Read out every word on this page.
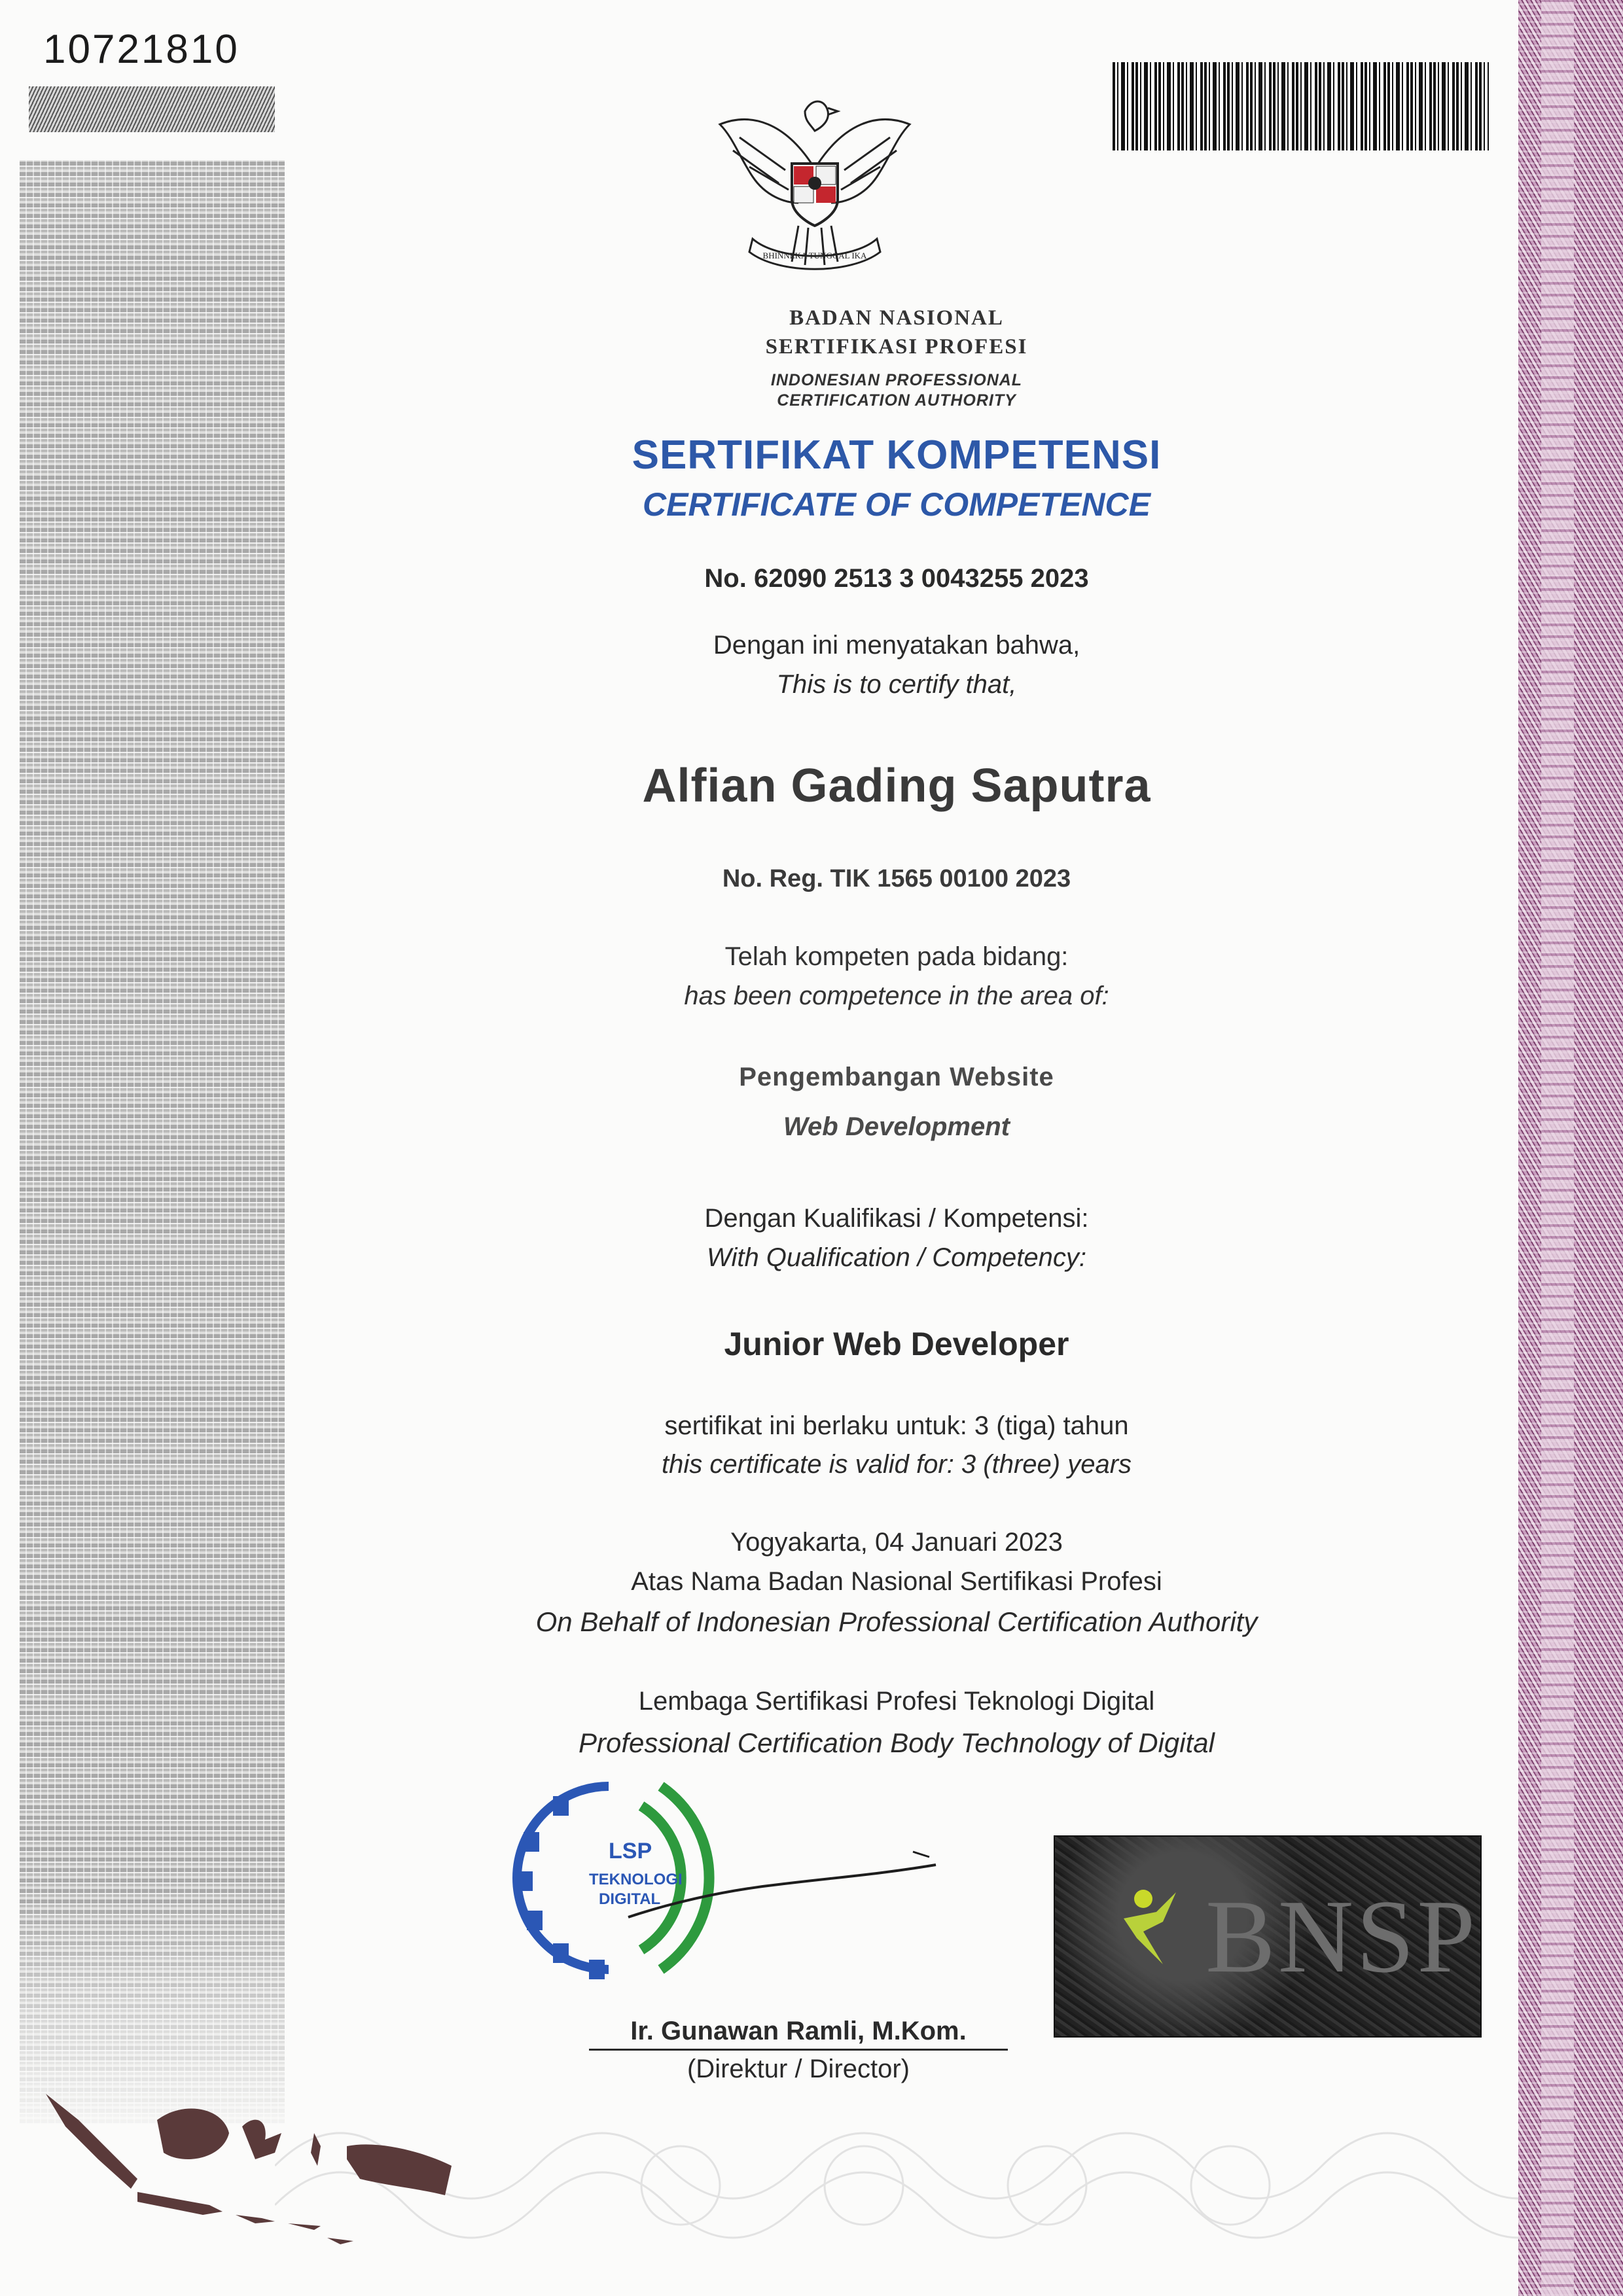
10721810
BHINNEKA TUNGGAL IKA
BADAN NASIONAL
SERTIFIKASI PROFESI
INDONESIAN PROFESSIONAL
CERTIFICATION AUTHORITY
SERTIFIKAT KOMPETENSI
CERTIFICATE OF COMPETENCE
No. 62090 2513 3 0043255 2023
Dengan ini menyatakan bahwa,
This is to certify that,
Alfian Gading Saputra
No. Reg. TIK 1565 00100 2023
Telah kompeten pada bidang:
has been competence in the area of:
Pengembangan Website
Web Development
Dengan Kualifikasi / Kompetensi:
With Qualification / Competency:
Junior Web Developer
sertifikat ini berlaku untuk: 3 (tiga) tahun
this certificate is valid for: 3 (three) years
Yogyakarta, 04 Januari 2023
Atas Nama Badan Nasional Sertifikasi Profesi
On Behalf of Indonesian Professional Certification Authority
Lembaga Sertifikasi Profesi Teknologi Digital
Professional Certification Body Technology of Digital
LSP
TEKNOLOGI
DIGITAL
Ir. Gunawan Ramli, M.Kom.
(Direktur / Director)
BNSP
